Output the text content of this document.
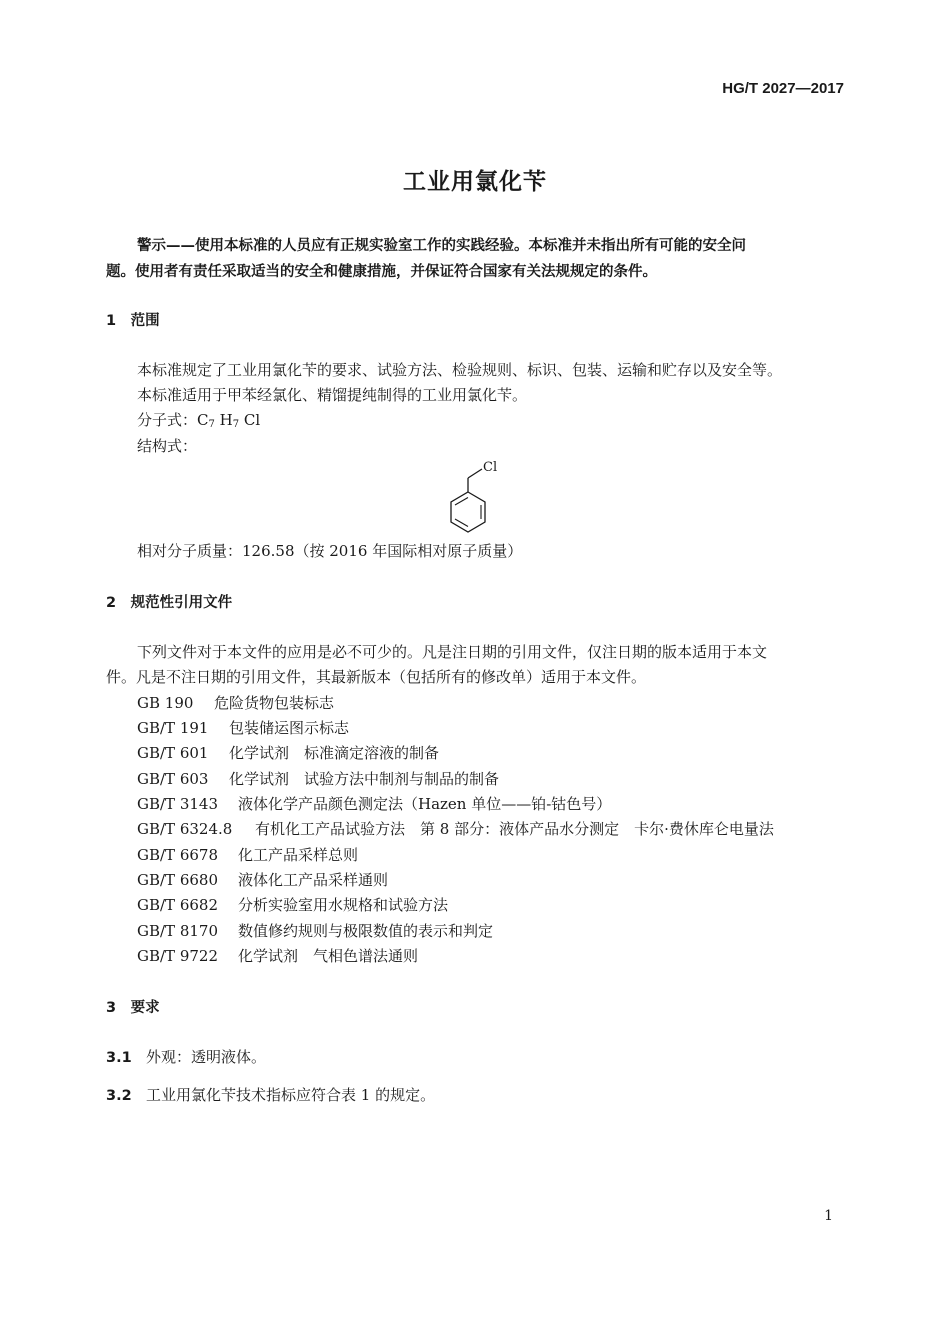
HG/T 2027—2017
工业用氯化苄
警示——使用本标准的人员应有正规实验室工作的实践经验。本标准并未指出所有可能的安全问
题。使用者有责任采取适当的安全和健康措施，并保证符合国家有关法规规定的条件。
1　范围
本标准规定了工业用氯化苄的要求、试验方法、检验规则、标识、包装、运输和贮存以及安全等。
本标准适用于甲苯经氯化、精馏提纯制得的工业用氯化苄。
分子式：$C_7$ $H_7$ Cl
结构式：
Cl
相对分子质量：126.58（按 2016 年国际相对原子质量）
2　规范性引用文件
下列文件对于本文件的应用是必不可少的。凡是注日期的引用文件，仅注日期的版本适用于本文
件。凡是不注日期的引用文件，其最新版本（包括所有的修改单）适用于本文件。
GB 190 危险货物包装标志
GB/T 191 包装储运图示标志
GB/T 601 化学试剂　标准滴定溶液的制备
GB/T 603 化学试剂　试验方法中制剂与制品的制备
GB/T 3143 液体化学产品颜色测定法（Hazen 单位——铂-钴色号）
GB/T 6324.8 有机化工产品试验方法　第 8 部分：液体产品水分测定　卡尔·费休库仑电量法
GB/T 6678 化工产品采样总则
GB/T 6680 液体化工产品采样通则
GB/T 6682 分析实验室用水规格和试验方法
GB/T 8170 数值修约规则与极限数值的表示和判定
GB/T 9722 化学试剂　气相色谱法通则
3　要求
3.1 外观：透明液体。
3.2 工业用氯化苄技术指标应符合表 1 的规定。
1
